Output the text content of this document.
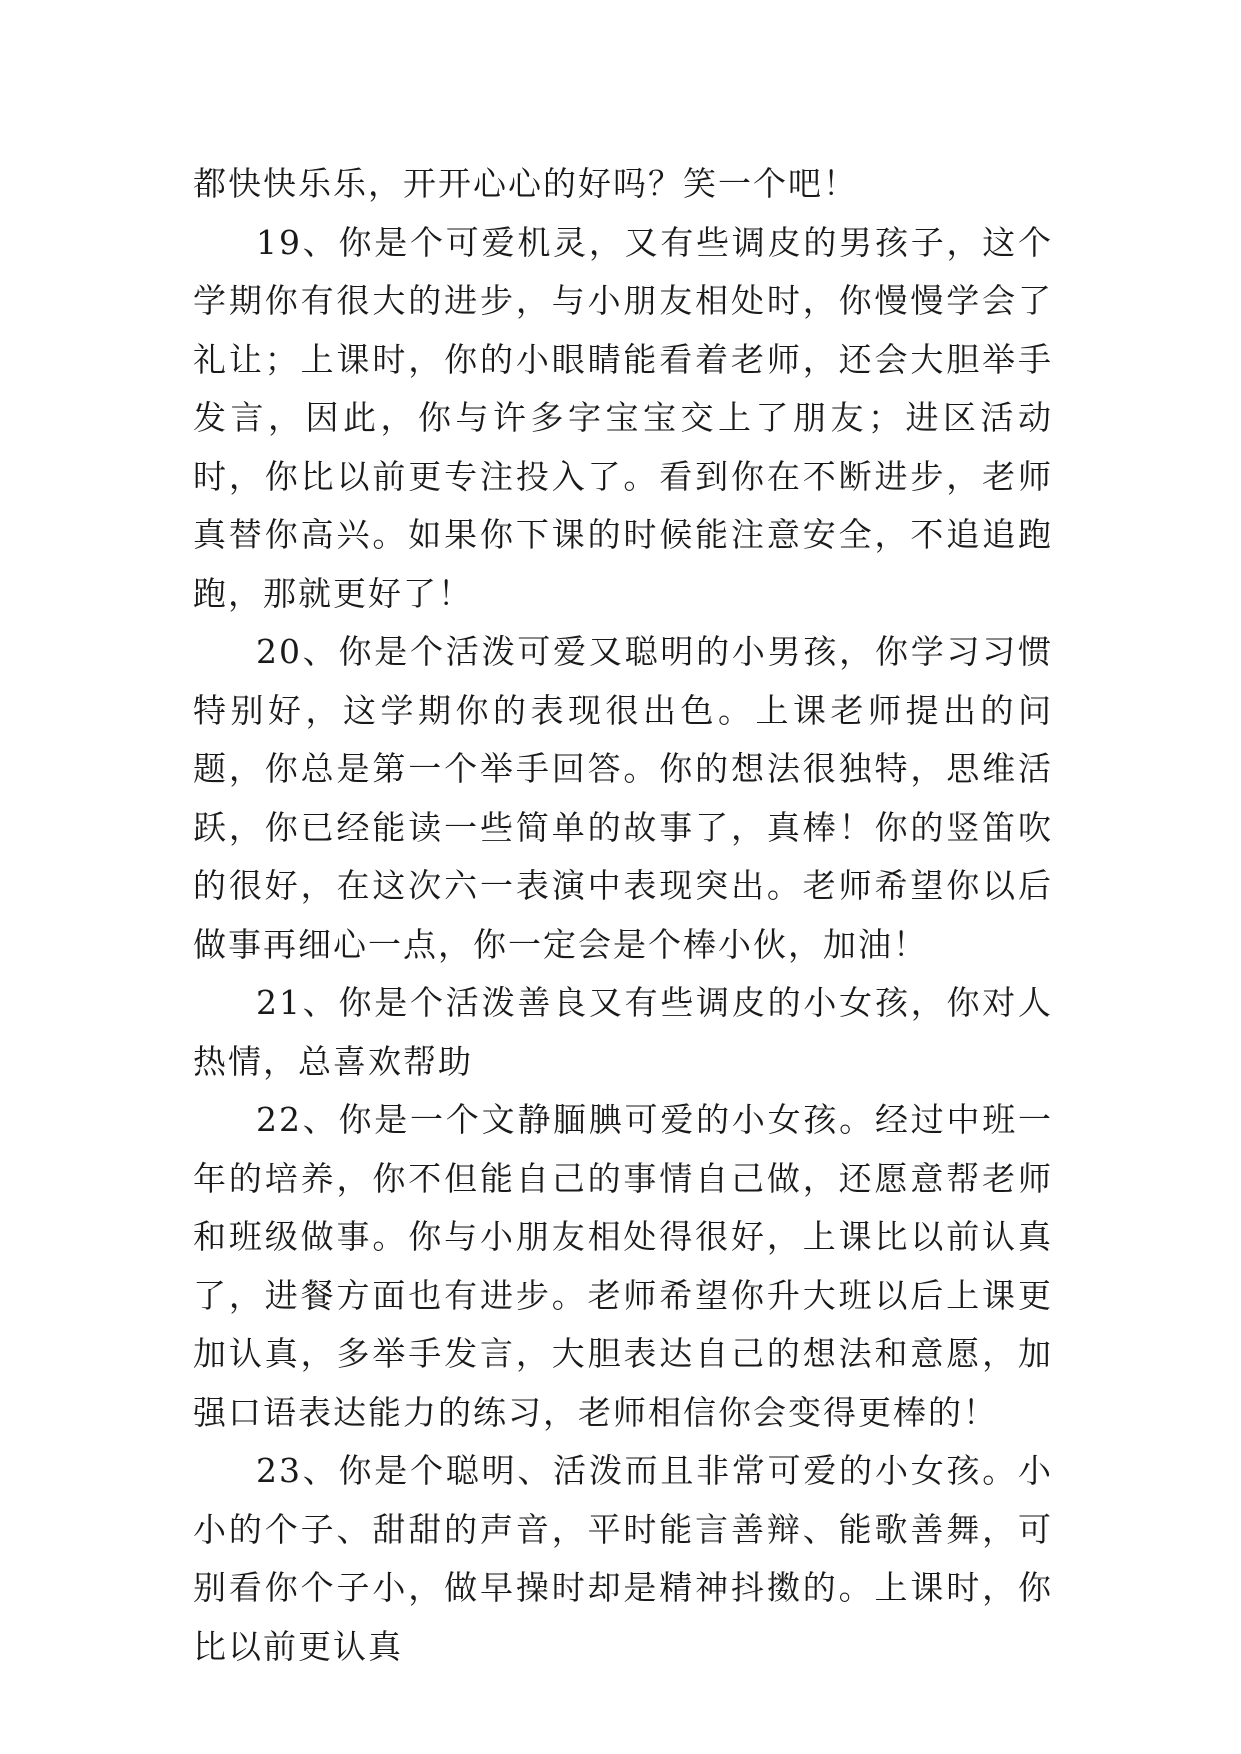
都快快乐乐，开开心心的好吗？笑一个吧！

19、你是个可爱机灵，又有些调皮的男孩子，这个学期你有很大的进步，与小朋友相处时，你慢慢学会了礼让；上课时，你的小眼睛能看着老师，还会大胆举手发言，因此，你与许多字宝宝交上了朋友；进区活动时，你比以前更专注投入了。看到你在不断进步，老师真替你高兴。如果你下课的时候能注意安全，不追追跑跑，那就更好了！

20、你是个活泼可爱又聪明的小男孩，你学习习惯特别好，这学期你的表现很出色。上课老师提出的问题，你总是第一个举手回答。你的想法很独特，思维活跃，你已经能读一些简单的故事了，真棒！你的竖笛吹的很好，在这次六一表演中表现突出。老师希望你以后做事再细心一点，你一定会是个棒小伙，加油！

21、你是个活泼善良又有些调皮的小女孩，你对人热情，总喜欢帮助

22、你是一个文静腼腆可爱的小女孩。经过中班一年的培养，你不但能自己的事情自己做，还愿意帮老师和班级做事。你与小朋友相处得很好，上课比以前认真了，进餐方面也有进步。老师希望你升大班以后上课更加认真，多举手发言，大胆表达自己的想法和意愿，加强口语表达能力的练习，老师相信你会变得更棒的！

23、你是个聪明、活泼而且非常可爱的小女孩。小小的个子、甜甜的声音，平时能言善辩、能歌善舞，可别看你个子小，做早操时却是精神抖擞的。上课时，你比以前更认真
